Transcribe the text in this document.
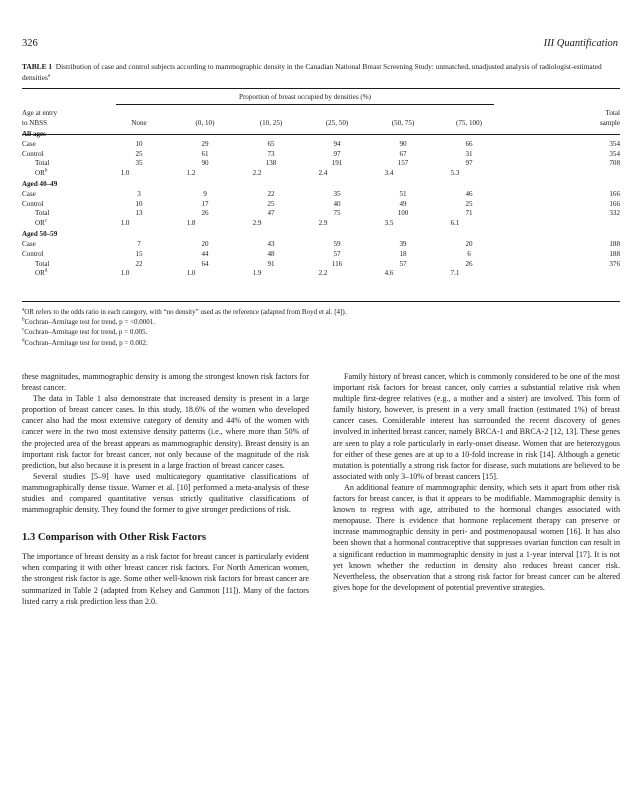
326	III Quantification
TABLE 1 Distribution of case and control subjects according to mammographic density in the Canadian National Breast Screening Study: unmatched, unadjusted analysis of radiologist-estimated densities$^a$
Proportion of breast occupied by densities (%)
Age at entry							Total
to NBSS	None	(0, 10)	(10, 25)	(25, 50)	(50, 75)	(75, 100)	sample
All ages							
Case	10	29	65	94	90	66	354
Control	25	61	73	97	67	31	354
Total	35	90	138	191	157	97	708
$OR^b$	1.0	1.2	2.2	2.4	3.4	5.3	
Aged 40–49							
Case	3	9	22	35	51	46	166
Control	10	17	25	40	49	25	166
Total	13	26	47	75	100	71	332
$OR^c$	1.0	1.8	2.9	2.9	3.5	6.1	
Aged 50–59							
Case	7	20	43	59	39	20	188
Control	15	44	48	57	18	6	188
Total	22	64	91	116	57	26	376
$OR^d$	1.0	1.0	1.9	2.2	4.6	7.1	
$^a$OR refers to the odds ratio in each category, with “no density” used as the reference (adapted from Boyd et al. [4]).
$^b$Cochran–Armitage test for trend, p = <0.0001.
$^c$Cochran–Armitage test for trend, p = 0.005.
$^d$Cochran–Armitage test for trend, p = 0.002.

these magnitudes, mammographic density is among the strongest known risk factors for breast cancer.

The data in Table 1 also demonstrate that increased density is present in a large proportion of breast cancer cases. In this study, 18.6% of the women who developed cancer also had the most extensive category of density and 44% of the women with cancer were in the two most extensive density patterns (i.e., where more than 50% of the projected area of the breast appears as mammographic density). Breast density is an important risk factor for breast cancer, not only because of the magnitude of the risk prediction, but also because it is present in a large fraction of breast cancer cases.

Several studies [5–9] have used multicategory quantitative classifications of mammographically dense tissue. Warner et al. [10] performed a meta-analysis of these studies and compared quantitative versus strictly qualitative classifications of mammographic density. They found the former to give stronger predictions of risk.

1.3 Comparison with Other Risk Factors

The importance of breast density as a risk factor for breast cancer is particularly evident when comparing it with other breast cancer risk factors. For North American women, the strongest risk factor is age. Some other well-known risk factors for breast cancer are summarized in Table 2 (adapted from Kelsey and Gammon [11]). Many of the factors listed carry a risk prediction less than 2.0.

Family history of breast cancer, which is commonly considered to be one of the most important risk factors for breast cancer, only carries a substantial relative risk when multiple first-degree relatives (e.g., a mother and a sister) are involved. This form of family history, however, is present in a very small fraction (estimated 1%) of breast cancer cases. Considerable interest has surrounded the recent discovery of genes involved in inherited breast cancer, namely BRCA-1 and BRCA-2 [12, 13]. These genes are seen to play a role particularly in early-onset disease. Women that are heterozygous for either of these genes are at up to a 10-fold increase in risk [14]. Although a genetic mutation is potentially a strong risk factor for disease, such mutations are believed to be associated with only 3–10% of breast cancers [15].

An additional feature of mammographic density, which sets it apart from other risk factors for breast cancer, is that it appears to be modifiable. Mammographic density is known to regress with age, attributed to the hormonal changes associated with menopause. There is evidence that hormone replacement therapy can preserve or increase mammographic density in peri- and postmenopausal women [16]. It has also been shown that a hormonal contraceptive that suppresses ovarian function can result in a significant reduction in mammographic density in just a 1-year interval [17]. It is not yet known whether the reduction in density also reduces breast cancer risk. Nevertheless, the observation that a strong risk factor for breast cancer can be altered gives hope for the development of potential preventive strategies.
